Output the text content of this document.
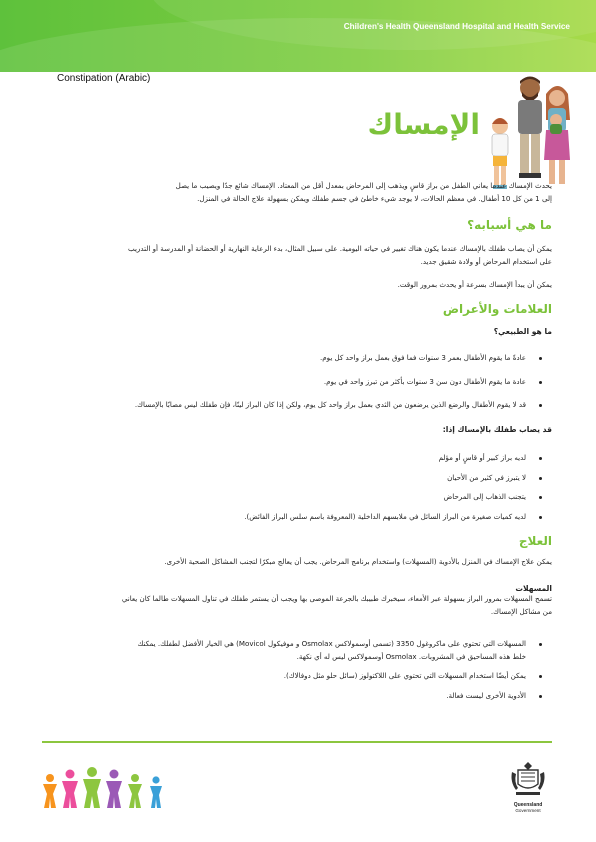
Children's Health Queensland Hospital and Health Service
Constipation (Arabic)
الإمساك
يحدث الإمساك عندما يعاني الطفل من براز قاسٍ ويذهب إلى المرحاض بمعدل أقل من المعتاد. الإمساك شائع جدًا ويصيب ما يصل
إلى 1 من كل 10 أطفال. في معظم الحالات، لا يوجد شيء خاطئ في جسم طفلك ويمكن بسهولة علاج الحالة في المنزل.
ما هي أسبابه؟
يمكن أن يصاب طفلك بالإمساك عندما يكون هناك تغيير في حياته اليومية. على سبيل المثال، بدء الرعاية النهارية أو الحضانة أو المدرسة أو التدريب
على استخدام المرحاض أو ولادة شقيق جديد.
يمكن أن يبدأ الإمساك بسرعة أو يحدث بمرور الوقت.
العلامات والأعراض
ما هو الطبيعي؟
عادةً ما يقوم الأطفال بعمر 3 سنوات فما فوق بعمل براز واحد كل يوم.
عادة ما يقوم الأطفال دون سن 3 سنوات بأكثر من تبرز واحد في يوم.
قد لا يقوم الأطفال والرضع الذين يرضعون من الثدي بعمل براز واحد كل يوم، ولكن إذا كان البراز لينًا، فإن طفلك ليس مصابًا بالإمساك.
قد يصاب طفلك بالإمساك إذا:
لديه براز كبير أو قاسٍ أو مؤلم
لا يتبرز في كثير من الأحيان
يتجنب الذهاب إلى المرحاض
لديه كميات صغيرة من البراز السائل في ملابسهم الداخلية (المعروفة باسم سلس البراز الفائض).
العلاج
يمكن علاج الإمساك في المنزل بالأدوية (المسهلات) واستخدام برنامج المرحاض. يجب أن يعالج مبكرًا لتجنب المشاكل الصحية الأخرى.
المسهلات
تسمح المسهلات بمرور البراز بسهولة عبر الأمعاء، سيخبرك طبيبك بالجرعة الموصى بها ويجب أن يستمر طفلك في تناول المسهلات طالما كان يعاني
من مشاكل الإمساك.
المسهلات التي تحتوي على ماكروغول 3350 (تسمى أوسمولاكس Osmolax و موفيكول Movicol) هي الخيار الأفضل لطفلك. يمكنك
خلط هذه المساحيق في المشروبات. Osmolax أوسمولاكس ليس له أي نكهة.
يمكن أيضًا استخدام المسهلات التي تحتوي على اللاكتولوز (سائل حلو مثل دوفالاك).
الأدوية الأخرى ليست فعالة.
Queensland
Government
